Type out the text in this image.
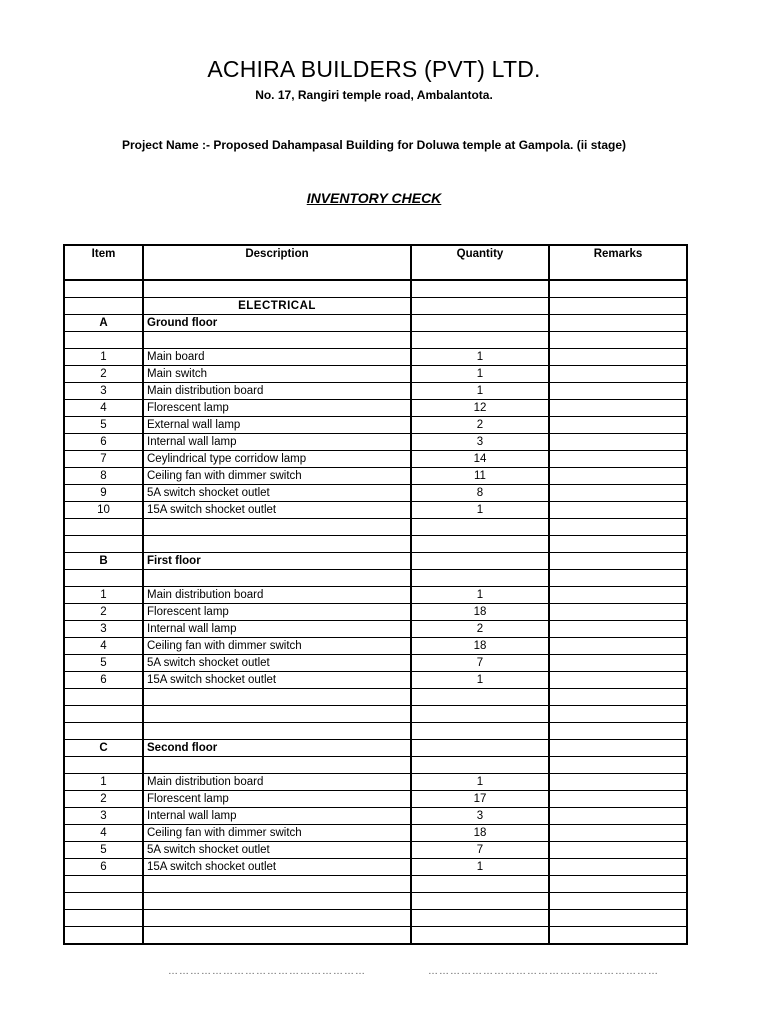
ACHIRA BUILDERS (PVT) LTD.
No. 17, Rangiri temple road, Ambalantota.
Project Name :- Proposed Dahampasal Building for Doluwa temple at Gampola. (ii stage)
INVENTORY CHECK
Item	Description	Quantity	Remarks

	ELECTRICAL		
A	Ground floor		

1	Main board	1	
2	Main switch	1	
3	Main distribution board	1	
4	Florescent lamp	12	
5	External wall lamp	2	
6	Internal wall lamp	3	
7	Ceylindrical type corridow lamp	14	
8	Ceiling fan with dimmer switch	11	
9	5A switch shocket outlet	8	
10	15A switch shocket outlet	1	

B	First floor		

1	Main distribution board	1	
2	Florescent lamp	18	
3	Internal wall lamp	2	
4	Ceiling fan with dimmer switch	18	
5	5A switch shocket outlet	7	
6	15A switch shocket outlet	1	

C	Second floor		

1	Main distribution board	1	
2	Florescent lamp	17	
3	Internal wall lamp	3	
4	Ceiling fan with dimmer switch	18	
5	5A switch shocket outlet	7	
6	15A switch shocket outlet	1	

………………………………………………	………………………………………………………
